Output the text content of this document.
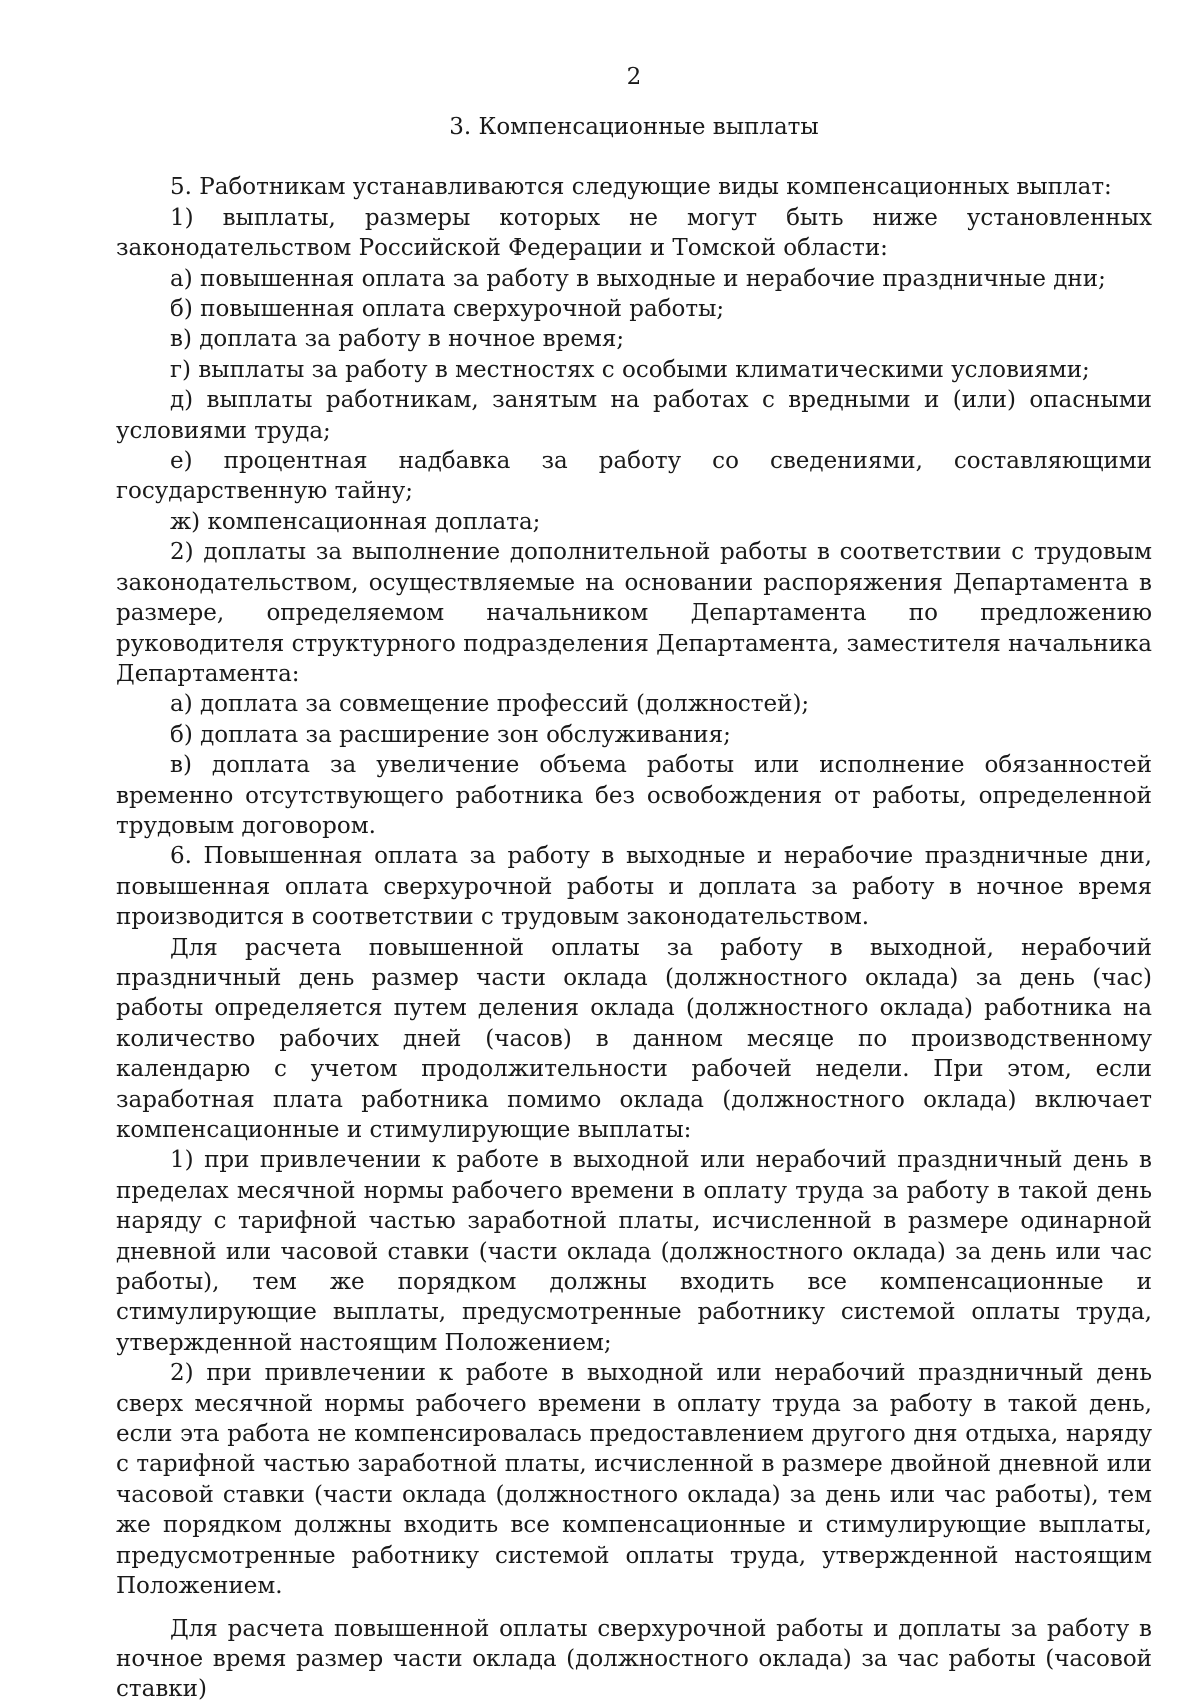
2
3. Компенсационные выплаты

5. Работникам устанавливаются следующие виды компенсационных выплат:

1) выплаты, размеры которых не могут быть ниже установленных законодательством Российской Федерации и Томской области:

а) повышенная оплата за работу в выходные и нерабочие праздничные дни;

б) повышенная оплата сверхурочной работы;

в) доплата за работу в ночное время;

г) выплаты за работу в местностях с особыми климатическими условиями;

д) выплаты работникам, занятым на работах с вредными и (или) опасными условиями труда;

е) процентная надбавка за работу со сведениями, составляющими государственную тайну;

ж) компенсационная доплата;

2) доплаты за выполнение дополнительной работы в соответствии с трудовым законодательством, осуществляемые на основании распоряжения Департамента в размере, определяемом начальником Департамента по предложению руководителя структурного подразделения Департамента, заместителя начальника Департамента:

а) доплата за совмещение профессий (должностей);

б) доплата за расширение зон обслуживания;

в) доплата за увеличение объема работы или исполнение обязанностей временно отсутствующего работника без освобождения от работы, определенной трудовым договором.

6. Повышенная оплата за работу в выходные и нерабочие праздничные дни, повышенная оплата сверхурочной работы и доплата за работу в ночное время производится в соответствии с трудовым законодательством.

Для расчета повышенной оплаты за работу в выходной, нерабочий праздничный день размер части оклада (должностного оклада) за день (час) работы определяется путем деления оклада (должностного оклада) работника на количество рабочих дней (часов) в данном месяце по производственному календарю с учетом продолжительности рабочей недели. При этом, если заработная плата работника помимо оклада (должностного оклада) включает компенсационные и стимулирующие выплаты:

1) при привлечении к работе в выходной или нерабочий праздничный день в пределах месячной нормы рабочего времени в оплату труда за работу в такой день наряду с тарифной частью заработной платы, исчисленной в размере одинарной дневной или часовой ставки (части оклада (должностного оклада) за день или час работы), тем же порядком должны входить все компенсационные и стимулирующие выплаты, предусмотренные работнику системой оплаты труда, утвержденной настоящим Положением;

2) при привлечении к работе в выходной или нерабочий праздничный день сверх месячной нормы рабочего времени в оплату труда за работу в такой день, если эта работа не компенсировалась предоставлением другого дня отдыха, наряду с тарифной частью заработной платы, исчисленной в размере двойной дневной или часовой ставки (части оклада (должностного оклада) за день или час работы), тем же порядком должны входить все компенсационные и стимулирующие выплаты, предусмотренные работнику системой оплаты труда, утвержденной настоящим Положением.

Для расчета повышенной оплаты сверхурочной работы и доплаты за работу в ночное время размер части оклада (должностного оклада) за час работы (часовой ставки)
